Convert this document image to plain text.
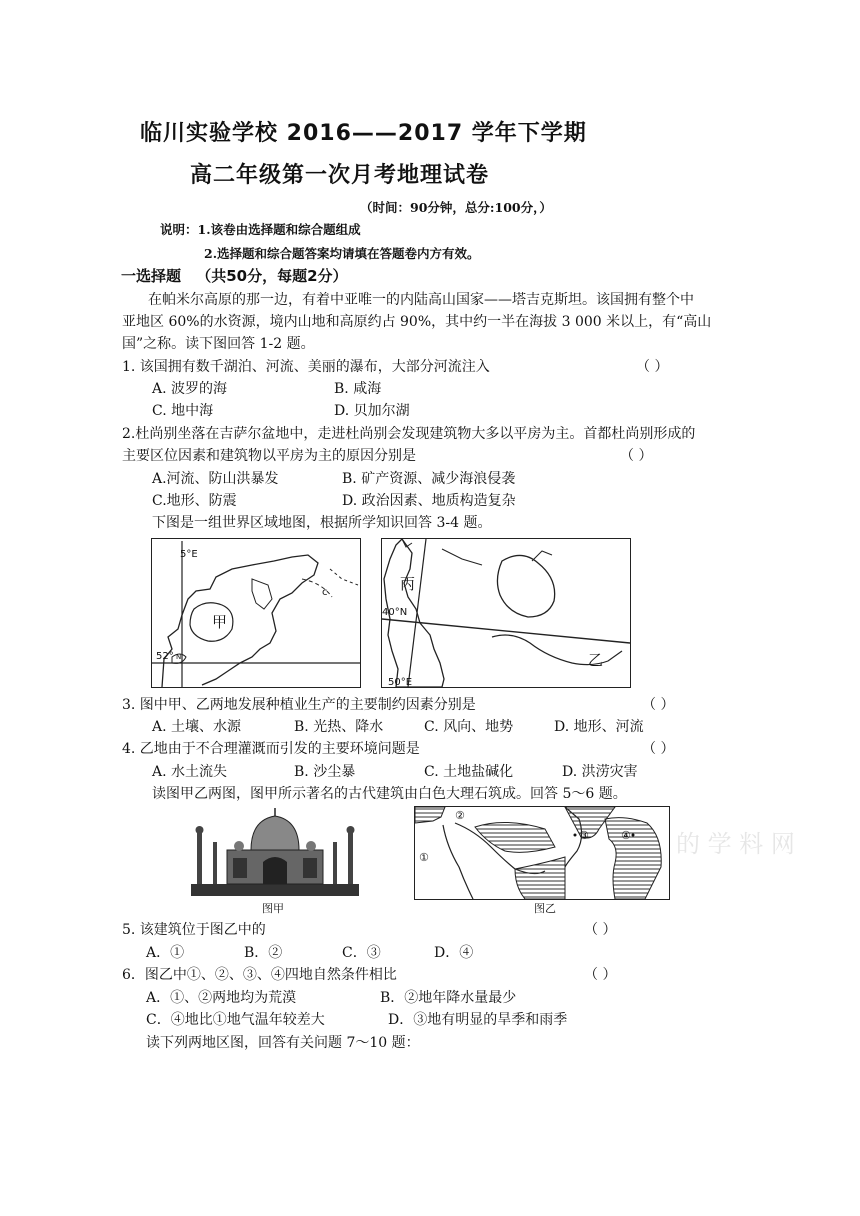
临川实验学校 2016——2017 学年下学期
高二年级第一次月考地理试卷
（时间：90分钟，总分:100分，）
说明：1.该卷由选择题和综合题组成
2.选择题和综合题答案均请填在答题卷内方有效。
一选择题 （共50分，每题2分）
在帕米尔高原的那一边，有着中亚唯一的内陆高山国家——塔吉克斯坦。该国拥有整个中
亚地区 60%的水资源，境内山地和高原约占 90%，其中约一半在海拔 3 000 米以上，有“高山
国”之称。读下图回答 1-2 题。
1. 该国拥有数千湖泊、河流、美丽的瀑布，大部分河流注入	（ ）
A. 波罗的海	B. 咸海
C. 地中海	D. 贝加尔湖
2.杜尚别坐落在吉萨尔盆地中，走进杜尚别会发现建筑物大多以平房为主。首都杜尚别形成的
主要区位因素和建筑物以平房为主的原因分别是	（ ）
A.河流、防山洪暴发	B. 矿产资源、减少海浪侵袭
C.地形、防震	D. 政治因素、地质构造复杂
下图是一组世界区域地图，根据所学知识回答 3-4 题。
5°E
52° N
甲
c	丙
乙
40°N
50°E
3. 图中甲、乙两地发展种植业生产的主要制约因素分别是	（ ）
A. 土壤、水源	B. 光热、降水	C. 风向、地势	D. 地形、河流
4. 乙地由于不合理灌溉而引发的主要环境问题是	（ ）
A. 水土流失	B. 沙尘暴	C. 土地盐碱化	D. 洪涝灾害
读图甲乙两图，图甲所示著名的古代建筑由白色大理石筑成。回答 5～6 题。
图甲
①
②
③	④
图乙
的 学 料 网
5. 该建筑位于图乙中的	（ ）
A．①	B．②	C．③	D．④
6．图乙中①、②、③、④四地自然条件相比	（ ）
A．①、②两地均为荒漠	B．②地年降水量最少
C．④地比①地气温年较差大	D．③地有明显的旱季和雨季
读下列两地区图，回答有关问题 7～10 题：
